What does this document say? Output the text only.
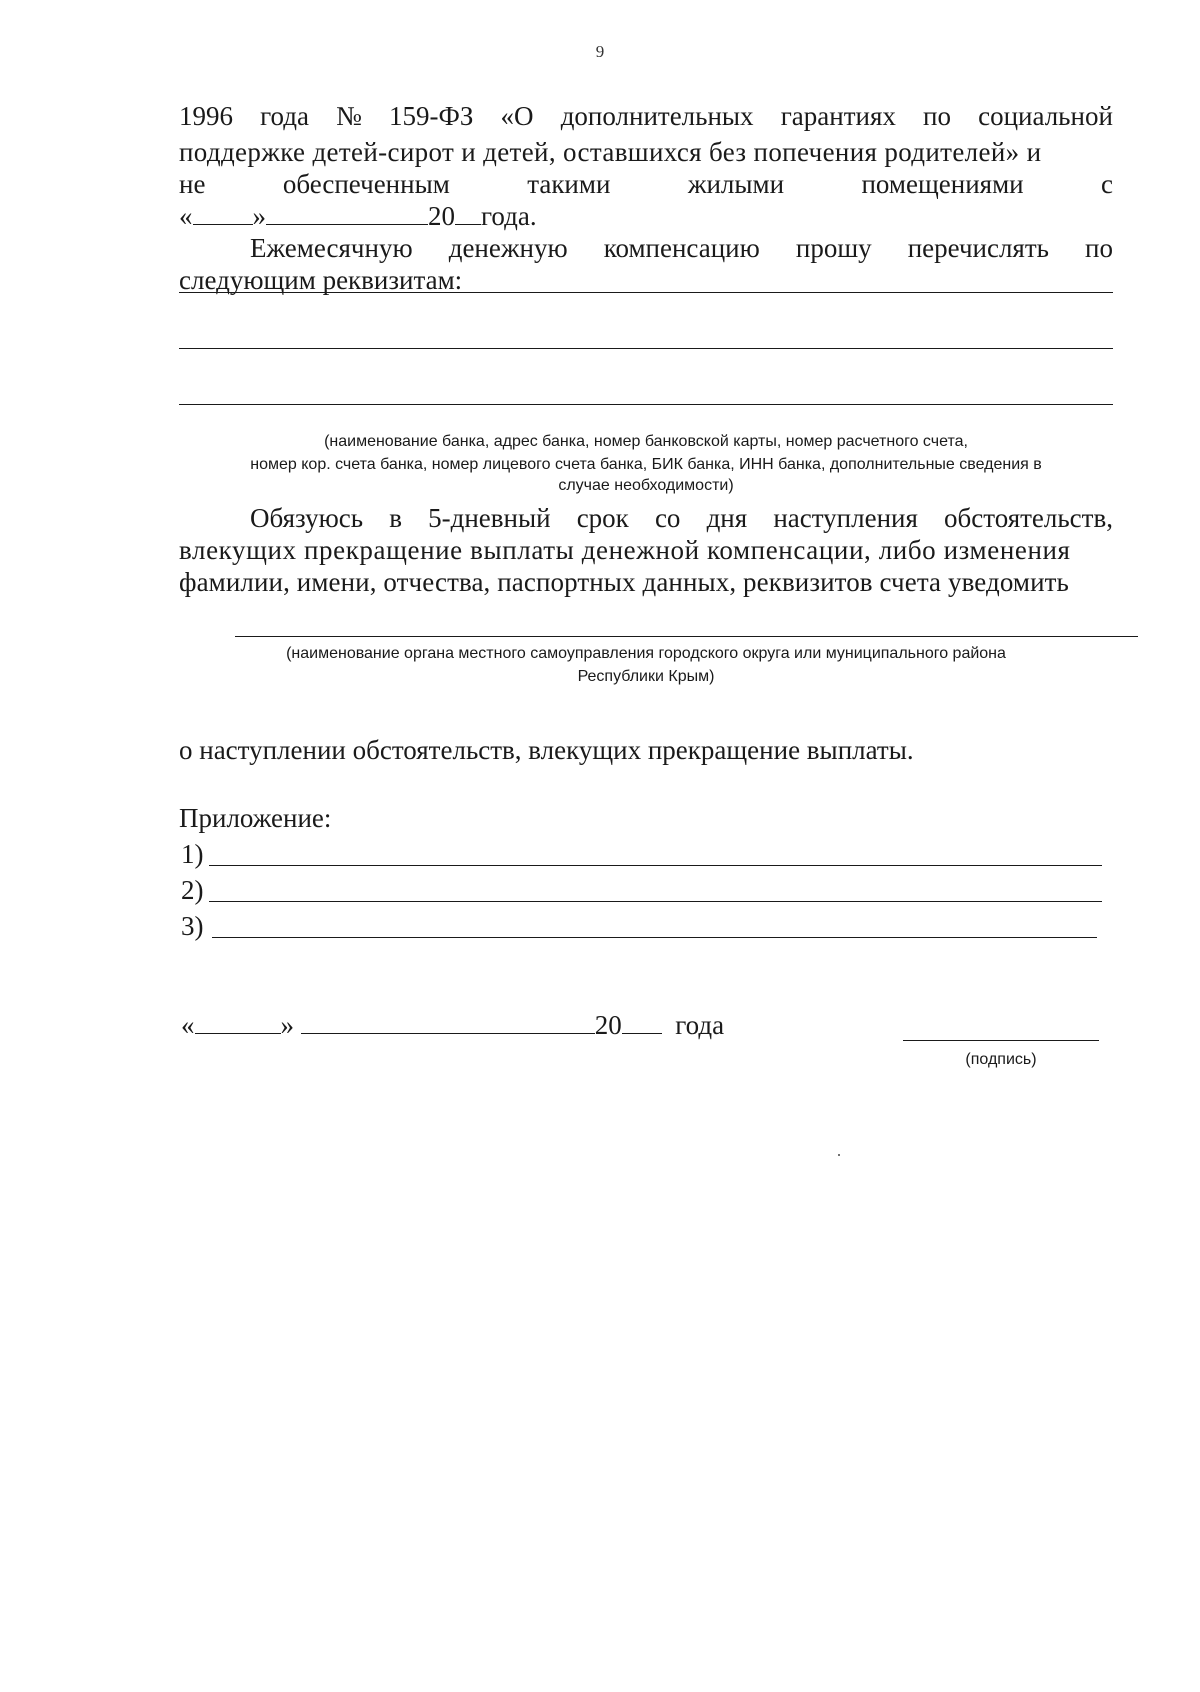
9
1996 года № 159-ФЗ «О дополнительных гарантиях по социальной
поддержке детей-сирот и детей, оставшихся без попечения родителей» и
не	обеспеченным	такими	жилыми	помещениями	с
« »	20 года.
Ежемесячную денежную компенсацию прошу перечислять по
следующим реквизитам:
(наименование банка, адрес банка, номер банковской карты, номер расчетного счета,
номер кор. счета банка, номер лицевого счета банка, БИК банка, ИНН банка, дополнительные сведения в
случае необходимости)
Обязуюсь в 5-дневный срок со дня наступления обстоятельств,
влекущих прекращение выплаты денежной компенсации, либо изменения
фамилии, имени, отчества, паспортных данных, реквизитов счета уведомить
(наименование органа местного самоуправления городского округа или муниципального района
Республики Крым)
о наступлении обстоятельств, влекущих прекращение выплаты.
Приложение:
1)
2)
3)
«	»	20 года
(подпись)
